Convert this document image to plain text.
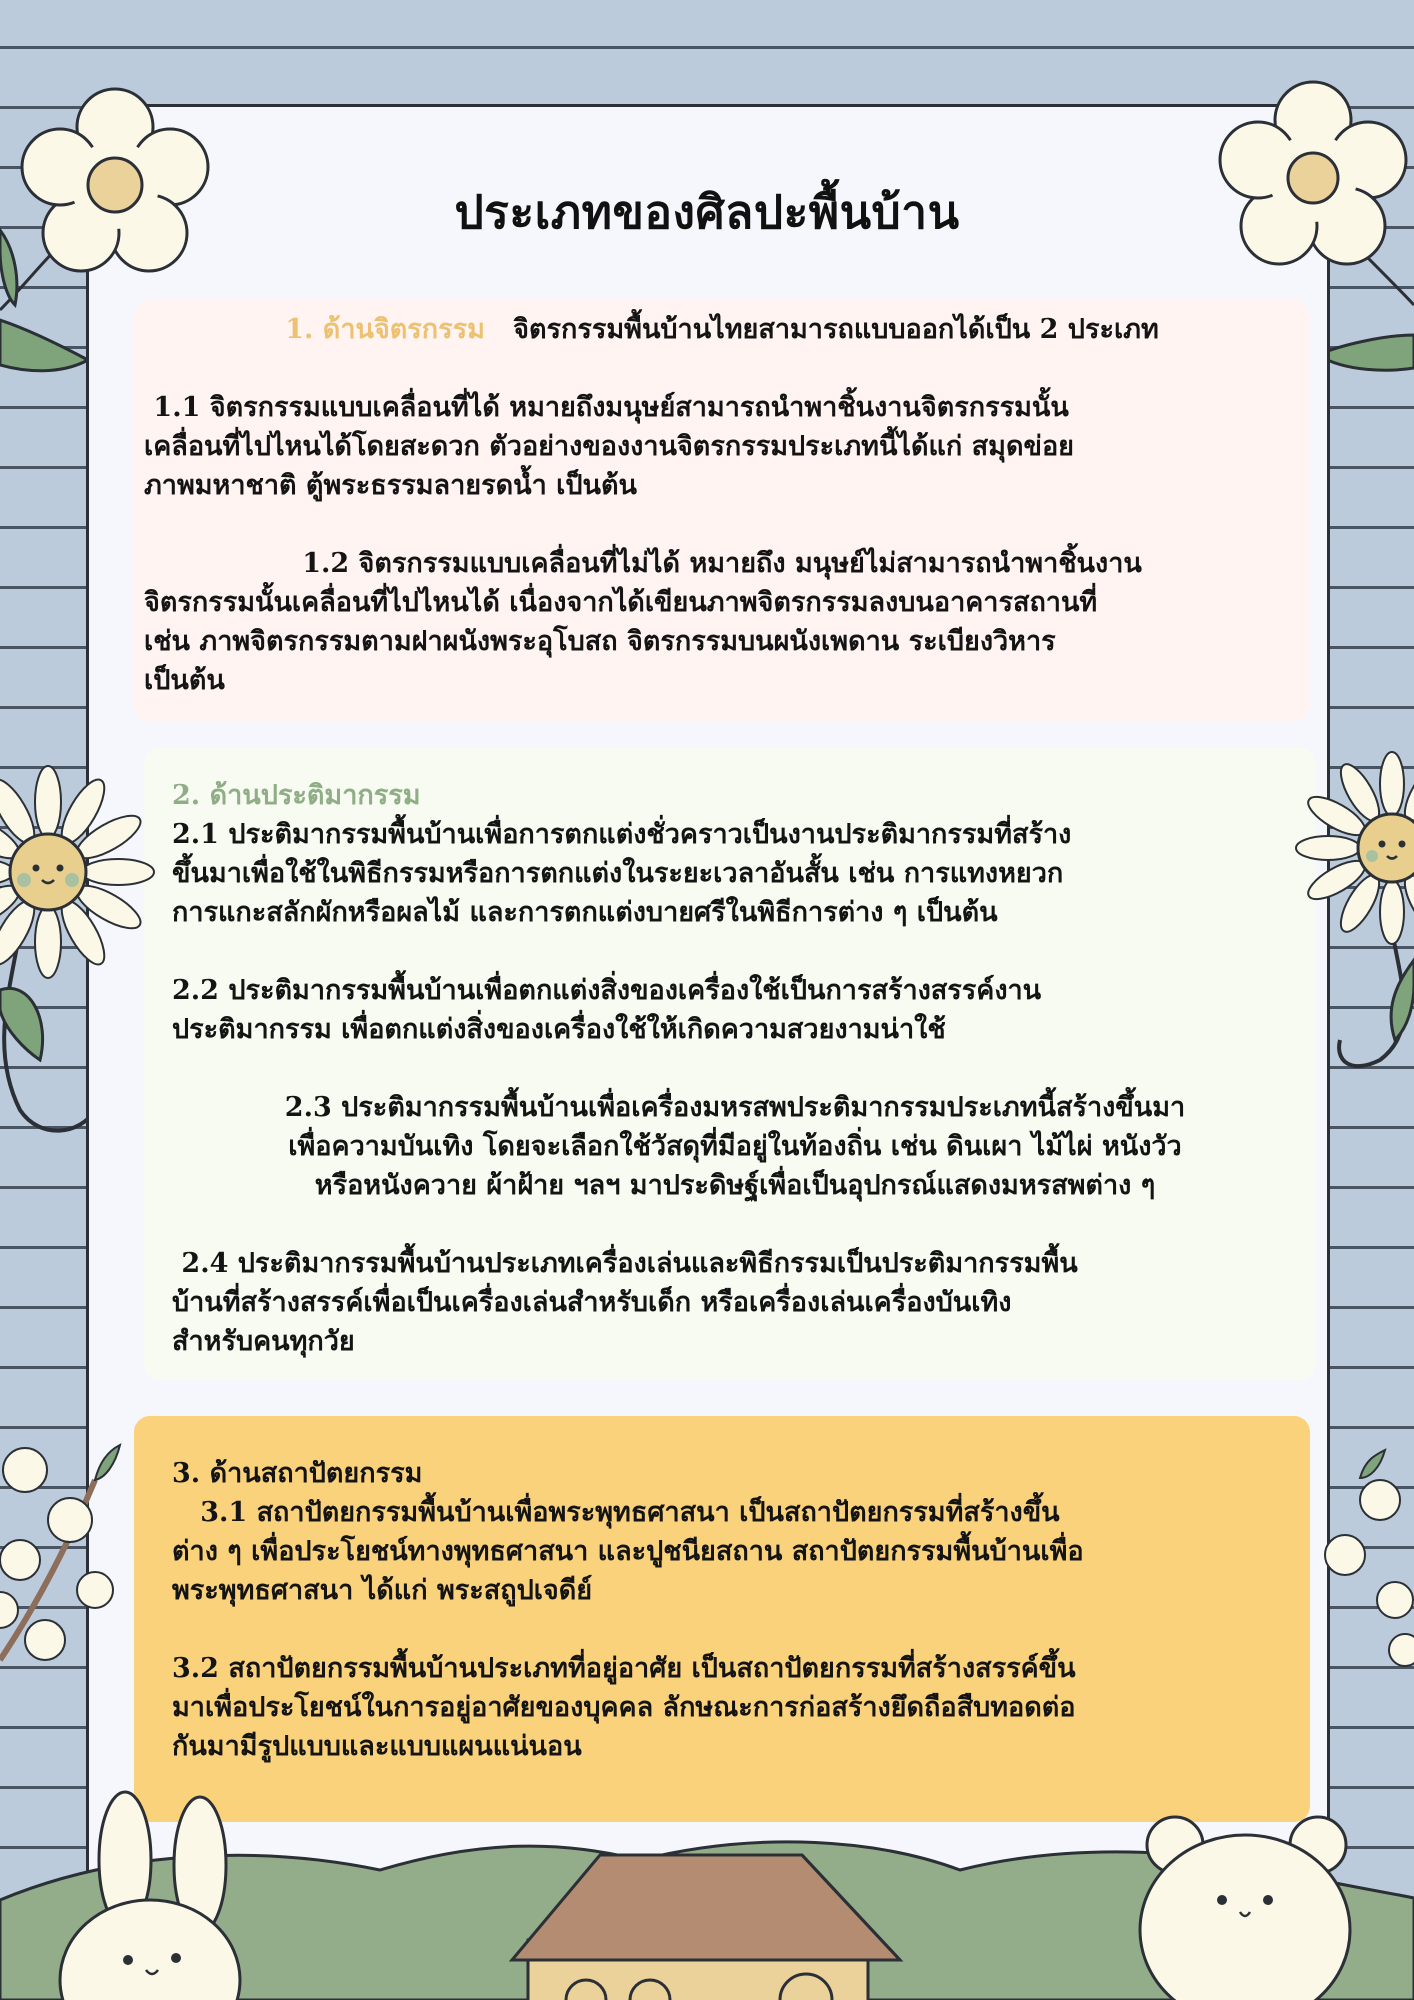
ประเภทของศิลปะพื้นบ้าน

1. ด้านจิตรกรรม จิตรกรรมพื้นบ้านไทยสามารถแบบออกได้เป็น 2 ประเภท

1.1 จิตรกรรมแบบเคลื่อนที่ได้ หมายถึงมนุษย์สามารถนำพาชิ้นงานจิตรกรรมนั้น

เคลื่อนที่ไปไหนได้โดยสะดวก ตัวอย่างของงานจิตรกรรมประเภทนี้ได้แก่ สมุดข่อย

ภาพมหาชาติ ตู้พระธรรมลายรดน้ำ เป็นต้น

1.2 จิตรกรรมแบบเคลื่อนที่ไม่ได้ หมายถึง มนุษย์ไม่สามารถนำพาชิ้นงาน

จิตรกรรมนั้นเคลื่อนที่ไปไหนได้ เนื่องจากได้เขียนภาพจิตรกรรมลงบนอาคารสถานที่

เช่น ภาพจิตรกรรมตามฝาผนังพระอุโบสถ จิตรกรรมบนผนังเพดาน ระเบียงวิหาร

เป็นต้น

2. ด้านประติมากรรม

2.1 ประติมากรรมพื้นบ้านเพื่อการตกแต่งชั่วคราวเป็นงานประติมากรรมที่สร้าง

ขึ้นมาเพื่อใช้ในพิธีกรรมหรือการตกแต่งในระยะเวลาอันสั้น เช่น การแทงหยวก

การแกะสลักผักหรือผลไม้ และการตกแต่งบายศรีในพิธีการต่าง ๆ เป็นต้น

2.2 ประติมากรรมพื้นบ้านเพื่อตกแต่งสิ่งของเครื่องใช้เป็นการสร้างสรรค์งาน

ประติมากรรม เพื่อตกแต่งสิ่งของเครื่องใช้ให้เกิดความสวยงามน่าใช้

2.3 ประติมากรรมพื้นบ้านเพื่อเครื่องมหรสพประติมากรรมประเภทนี้สร้างขึ้นมา

เพื่อความบันเทิง โดยจะเลือกใช้วัสดุที่มีอยู่ในท้องถิ่น เช่น ดินเผา ไม้ไผ่ หนังวัว

หรือหนังควาย ผ้าฝ้าย ฯลฯ มาประดิษฐ์เพื่อเป็นอุปกรณ์แสดงมหรสพต่าง ๆ

2.4 ประติมากรรมพื้นบ้านประเภทเครื่องเล่นและพิธีกรรมเป็นประติมากรรมพื้น

บ้านที่สร้างสรรค์เพื่อเป็นเครื่องเล่นสำหรับเด็ก หรือเครื่องเล่นเครื่องบันเทิง

สำหรับคนทุกวัย

3. ด้านสถาปัตยกรรม

3.1 สถาปัตยกรรมพื้นบ้านเพื่อพระพุทธศาสนา เป็นสถาปัตยกรรมที่สร้างขึ้น

ต่าง ๆ เพื่อประโยชน์ทางพุทธศาสนา และปูชนียสถาน สถาปัตยกรรมพื้นบ้านเพื่อ

พระพุทธศาสนา ได้แก่ พระสถูปเจดีย์

3.2 สถาปัตยกรรมพื้นบ้านประเภทที่อยู่อาศัย เป็นสถาปัตยกรรมที่สร้างสรรค์ขึ้น

มาเพื่อประโยชน์ในการอยู่อาศัยของบุคคล ลักษณะการก่อสร้างยึดถือสืบทอดต่อ

กันมามีรูปแบบและแบบแผนแน่นอน
